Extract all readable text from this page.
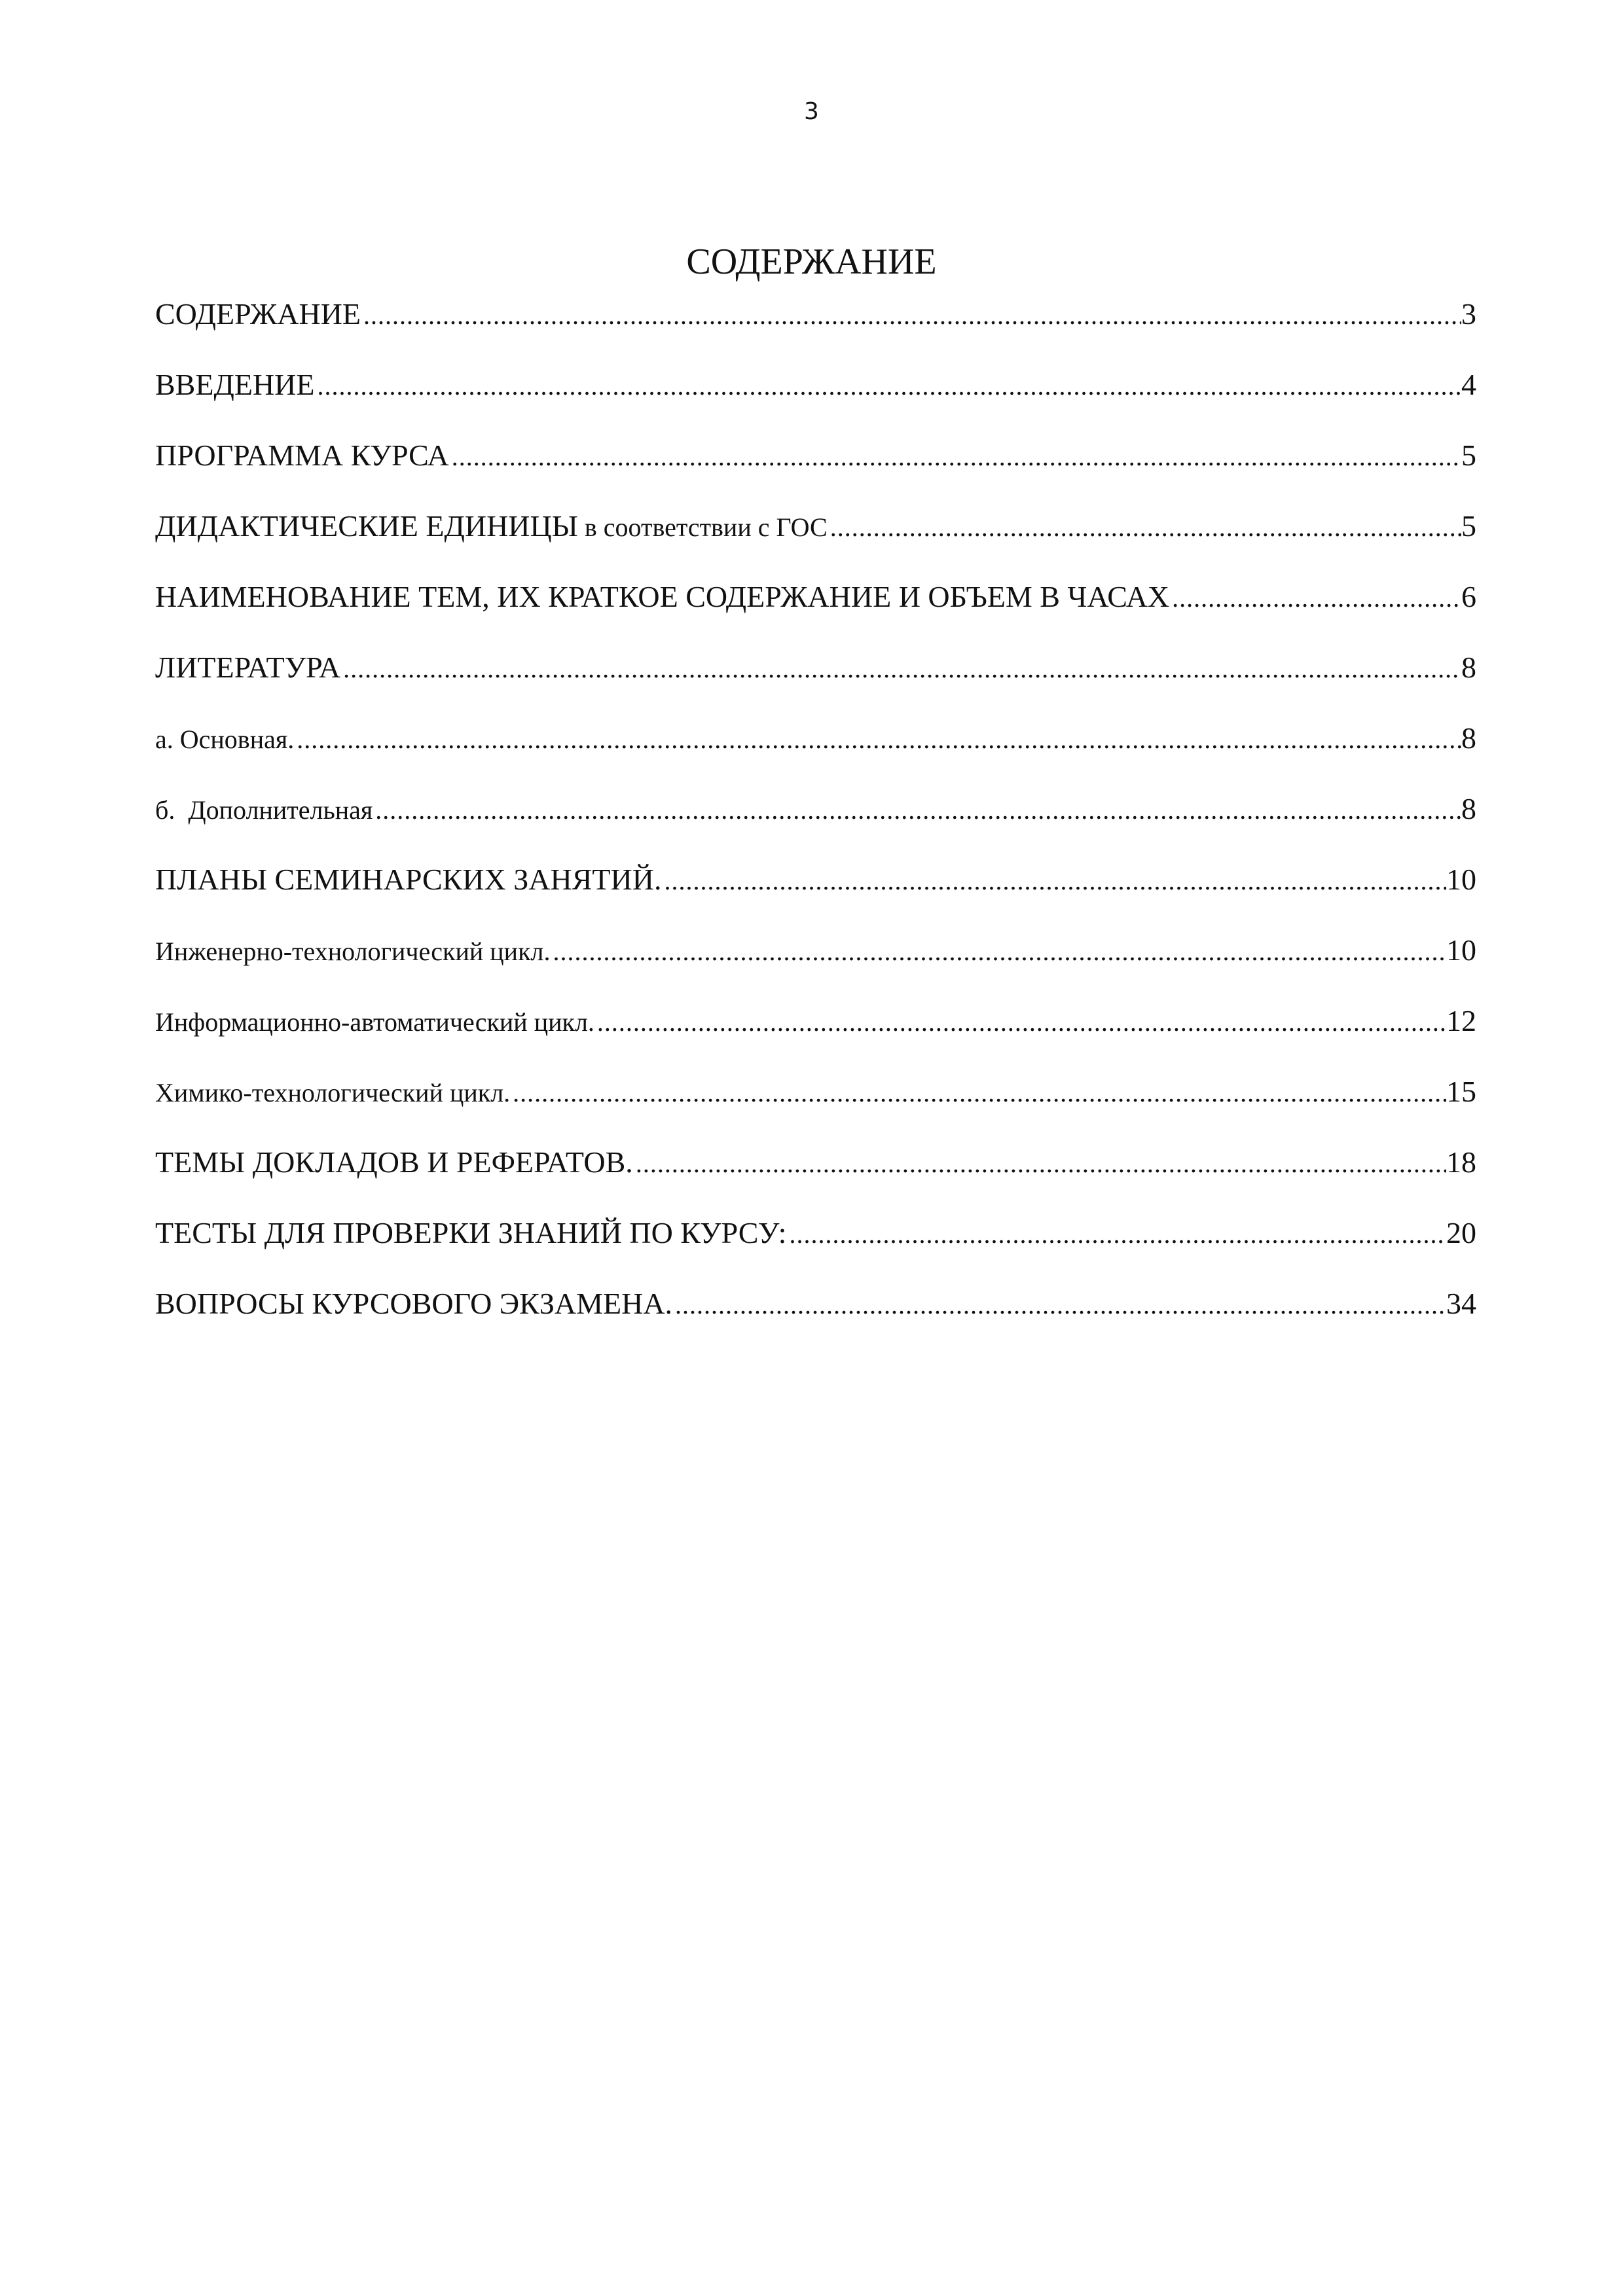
3
СОДЕРЖАНИЕ
СОДЕРЖАНИЕ .....	3
ВВЕДЕНИЕ .....	4
ПРОГРАММА КУРСА .....	5
ДИДАКТИЧЕСКИЕ ЕДИНИЦЫ в соответствии с ГОС .....	5
НАИМЕНОВАНИЕ ТЕМ, ИХ КРАТКОЕ СОДЕРЖАНИЕ И ОБЪЕМ В ЧАСАХ .....	6
ЛИТЕРАТУРА .....	8
а. Основная. .....	8
б.  Дополнительная .....	8
ПЛАНЫ СЕМИНАРСКИХ ЗАНЯТИЙ. .....	10
Инженерно-технологический цикл. .....	10
Информационно-автоматический цикл. .....	12
Химико-технологический цикл. .....	15
ТЕМЫ ДОКЛАДОВ И РЕФЕРАТОВ. .....	18
ТЕСТЫ ДЛЯ ПРОВЕРКИ ЗНАНИЙ ПО КУРСУ: .....	20
ВОПРОСЫ КУРСОВОГО ЭКЗАМЕНА. .....	34
